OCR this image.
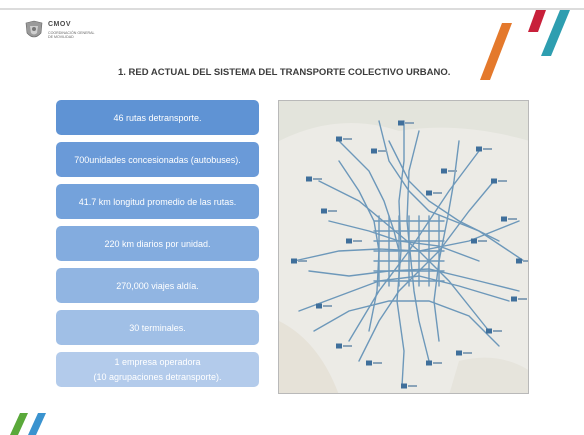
CMOV
COORDINACIÓN GENERAL
DE MOVILIDAD
1. RED ACTUAL DEL SISTEMA DEL TRANSPORTE COLECTIVO URBANO.
46 rutas detransporte.
700unidades concesionadas (autobuses).
41.7 km longitud promedio de las rutas.
220 km diarios por unidad.
270,000 viajes aldía.
30 terminales.
1 empresa operadora
(10 agrupaciones detransporte).
